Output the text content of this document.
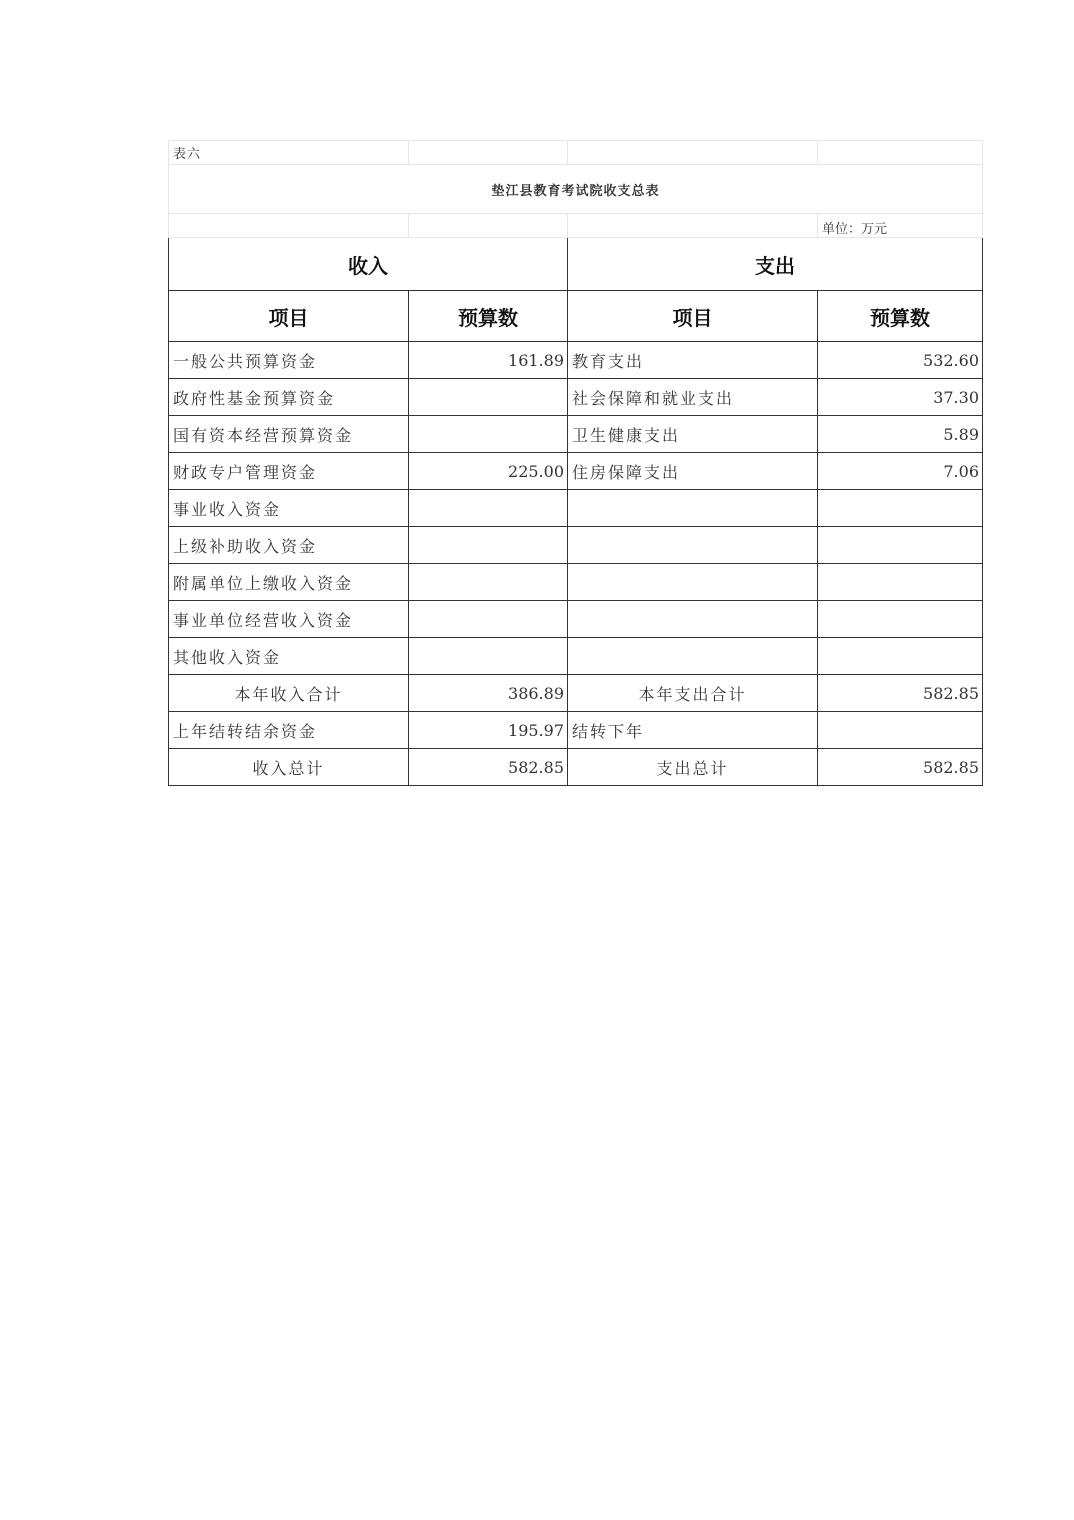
表六			
垫江县教育考试院收支总表			
			单位：万元
收入		支出	
项目	预算数	项目	预算数
一般公共预算资金	161.89	教育支出	532.60
政府性基金预算资金		社会保障和就业支出	37.30
国有资本经营预算资金		卫生健康支出	5.89
财政专户管理资金	225.00	住房保障支出	7.06
事业收入资金			
上级补助收入资金			
附属单位上缴收入资金			
事业单位经营收入资金			
其他收入资金			
本年收入合计	386.89	本年支出合计	582.85
上年结转结余资金	195.97	结转下年	
收入总计	582.85	支出总计	582.85
